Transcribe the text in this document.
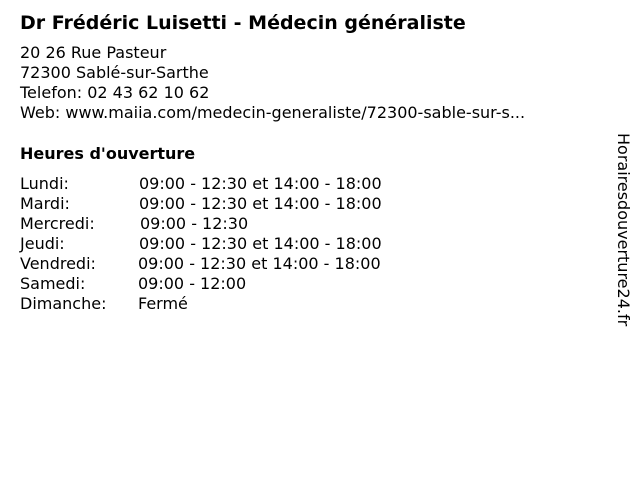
Dr Frédéric Luisetti - Médecin généraliste
20 26 Rue Pasteur
72300 Sablé-sur-Sarthe
Telefon: 02 43 62 10 62
Web: www.maiia.com/medecin-generaliste/72300-sable-sur-s...
Heures d'ouverture
Lundi:	09:00 - 12:30 et 14:00 - 18:00
Mardi:	09:00 - 12:30 et 14:00 - 18:00
Mercredi:	09:00 - 12:30
Jeudi:	09:00 - 12:30 et 14:00 - 18:00
Vendredi:	09:00 - 12:30 et 14:00 - 18:00
Samedi:	09:00 - 12:00
Dimanche: Fermé	Horairesdouverture24.fr
